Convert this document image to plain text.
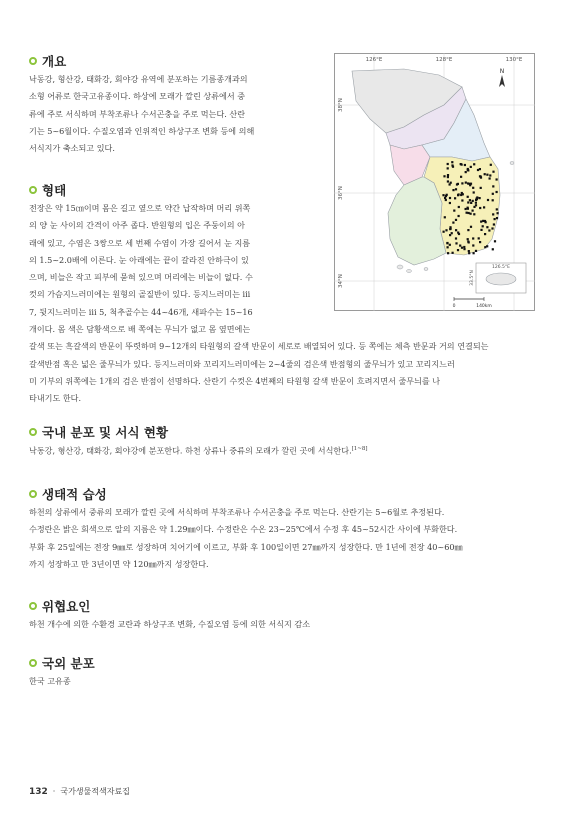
개요
낙동강, 형산강, 태화강, 회야강 유역에 분포하는 기름종개과의
소형 어류로 한국고유종이다. 하상에 모래가 깔린 상류에서 중
류에 주로 서식하며 부착조류나 수서곤충을 주로 먹는다. 산란
기는 5~6월이다. 수질오염과 인위적인 하상구조 변화 등에 의해
서식지가 축소되고 있다.
형태
전장은 약 15㎝이며 몸은 길고 옆으로 약간 납작하며 머리 위쪽
의 양 눈 사이의 간격이 아주 좁다. 반원형의 입은 주둥이의 아
래에 있고, 수염은 3쌍으로 세 번째 수염이 가장 길어서 눈 지름
의 1.5~2.0배에 이른다. 눈 아래에는 끝이 갈라진 안하극이 있
으며, 비늘은 작고 피부에 묻혀 있으며 머리에는 비늘이 없다. 수
컷의 가슴지느러미에는 원형의 골질반이 있다. 등지느러미는 iii
7, 뒷지느러미는 iii 5, 척추골수는 44~46개, 새파수는 15~16
개이다. 몸 색은 담황색으로 배 쪽에는 무늬가 없고 몸 옆면에는
갈색 또는 흑갈색의 반문이 뚜렷하며 9~12개의 타원형의 갈색 반문이 세로로 배열되어 있다. 등 쪽에는 체측 반문과 거의 연결되는
갈색반점 혹은 넓은 줄무늬가 있다. 등지느러미와 꼬리지느러미에는 2~4줄의 검은색 반점형의 줄무늬가 있고 꼬리지느러
미 기부의 위쪽에는 1개의 검은 반점이 선명하다. 산란기 수컷은 4번째의 타원형 갈색 반문이 흐려지면서 줄무늬를 나
타내기도 한다.
국내 분포 및 서식 현황
낙동강, 형산강, 태화강, 회야강에 분포한다. 하천 상류나 중류의 모래가 깔린 곳에 서식한다.[1~8]
생태적 습성
하천의 상류에서 중류의 모래가 깔린 곳에 서식하며 부착조류나 수서곤충을 주로 먹는다. 산란기는 5~6월로 추정된다.
수정란은 밝은 회색으로 알의 지름은 약 1.29㎜이다. 수정란은 수온 23~25℃에서 수정 후 45~52시간 사이에 부화한다.
부화 후 25일에는 전장 9㎜로 성장하며 치어기에 이르고, 부화 후 100일이면 27㎜까지 성장한다. 만 1년에 전장 40~60㎜
까지 성장하고 만 3년이면 약 120㎜까지 성장한다.
위협요인
하천 개수에 의한 수환경 교란과 하상구조 변화, 수질오염 등에 의한 서식지 감소
국외 분포
한국 고유종
126°E	128°E	130°E
38°N
36°N
34°N
N
126.5°E
33.5°N
0	140km
132 · 국가생물적색자료집
